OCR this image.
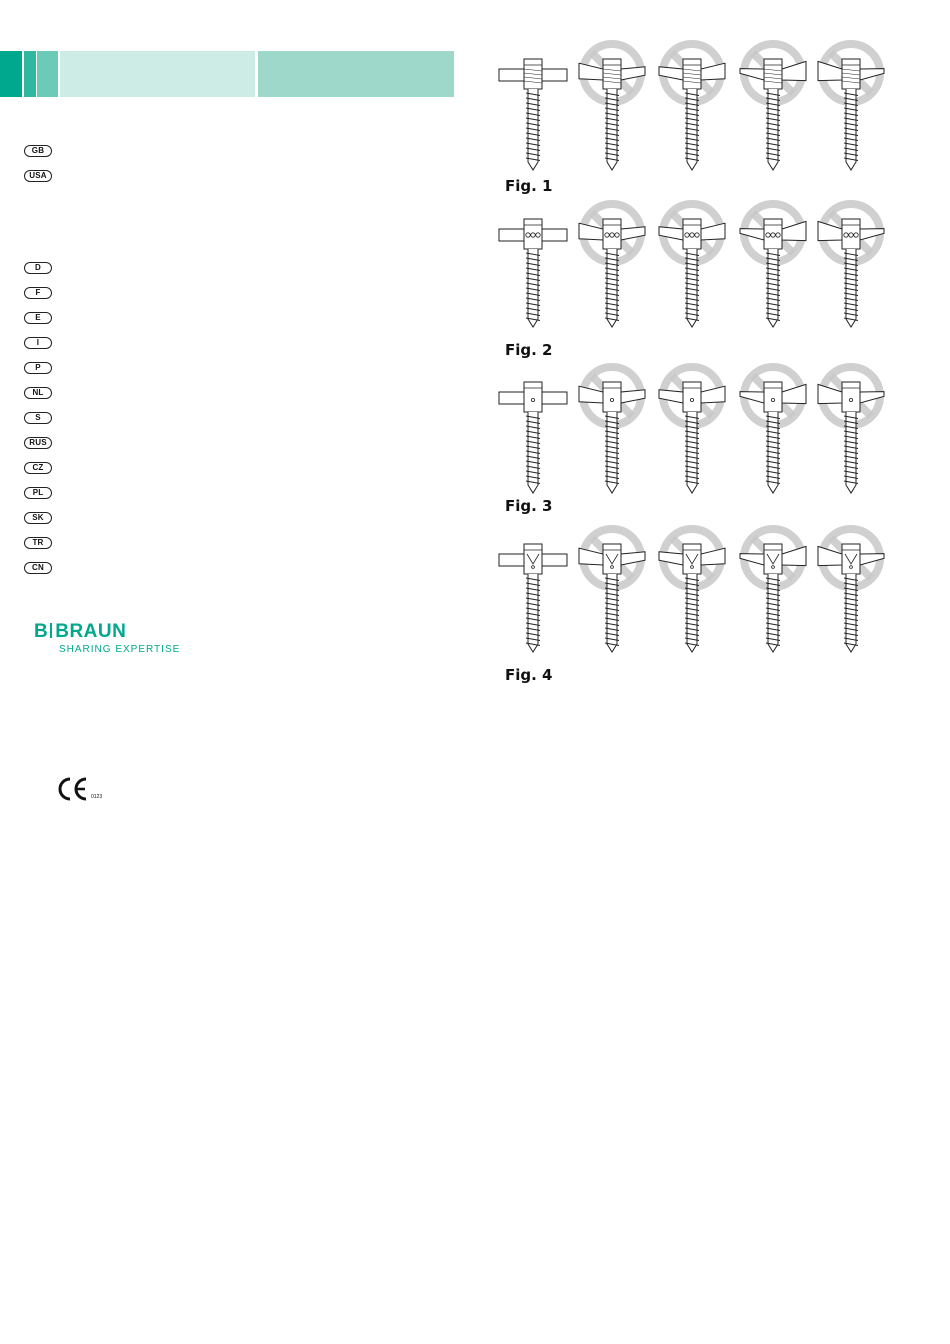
GB
USA
D
F
E
I
P
NL
S
RUS
CZ
PL
SK
TR
CN
B BRAUN
SHARING EXPERTISE
0123
Fig. 1
Fig. 2
Fig. 3
Fig. 4
